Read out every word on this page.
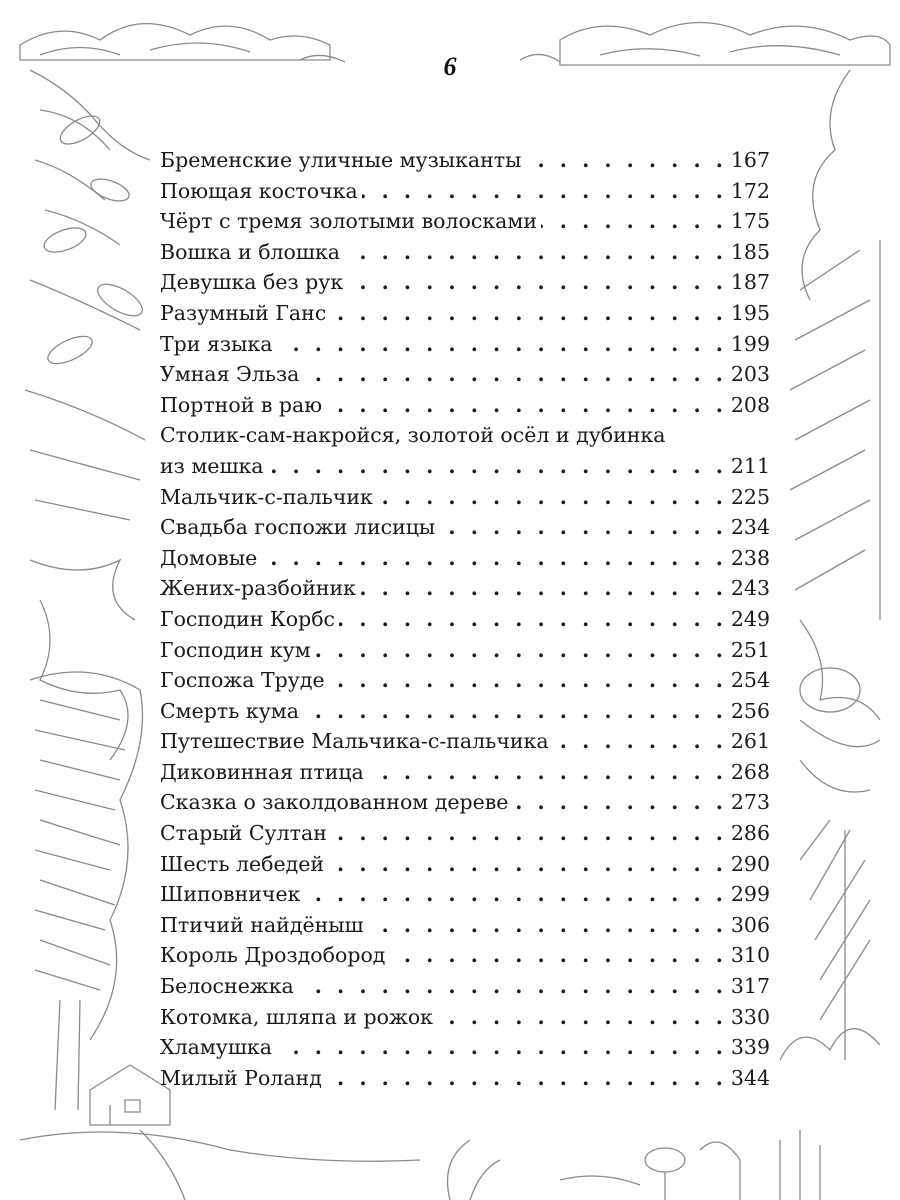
6
Бременские уличные музыканты . . .	167
Поющая косточка . . .	172
Чёрт с тремя золотыми волосками . . .	175
Вошка и блошка . . .	185
Девушка без рук . . .	187
Разумный Ганс . . .	195
Три языка . . .	199
Умная Эльза . . .	203
Портной в раю . . .	208
Столик-сам-накройся, золотой осёл и дубинка
из мешка . . .	211
Мальчик-с-пальчик . . .	225
Свадьба госпожи лисицы . . .	234
Домовые . . .	238
Жених-разбойник . . .	243
Господин Корбс . . .	249
Господин кум . . .	251
Госпожа Труде . . .	254
Смерть кума . . .	256
Путешествие Мальчика-с-пальчика . . .	261
Диковинная птица . . .	268
Сказка о заколдованном дереве . . .	273
Старый Султан . . .	286
Шесть лебедей . . .	290
Шиповничек . . .	299
Птичий найдёныш . . .	306
Король Дроздобород . . .	310
Белоснежка . . .	317
Котомка, шляпа и рожок . . .	330
Хламушка . . .	339
Милый Роланд . . .	344
